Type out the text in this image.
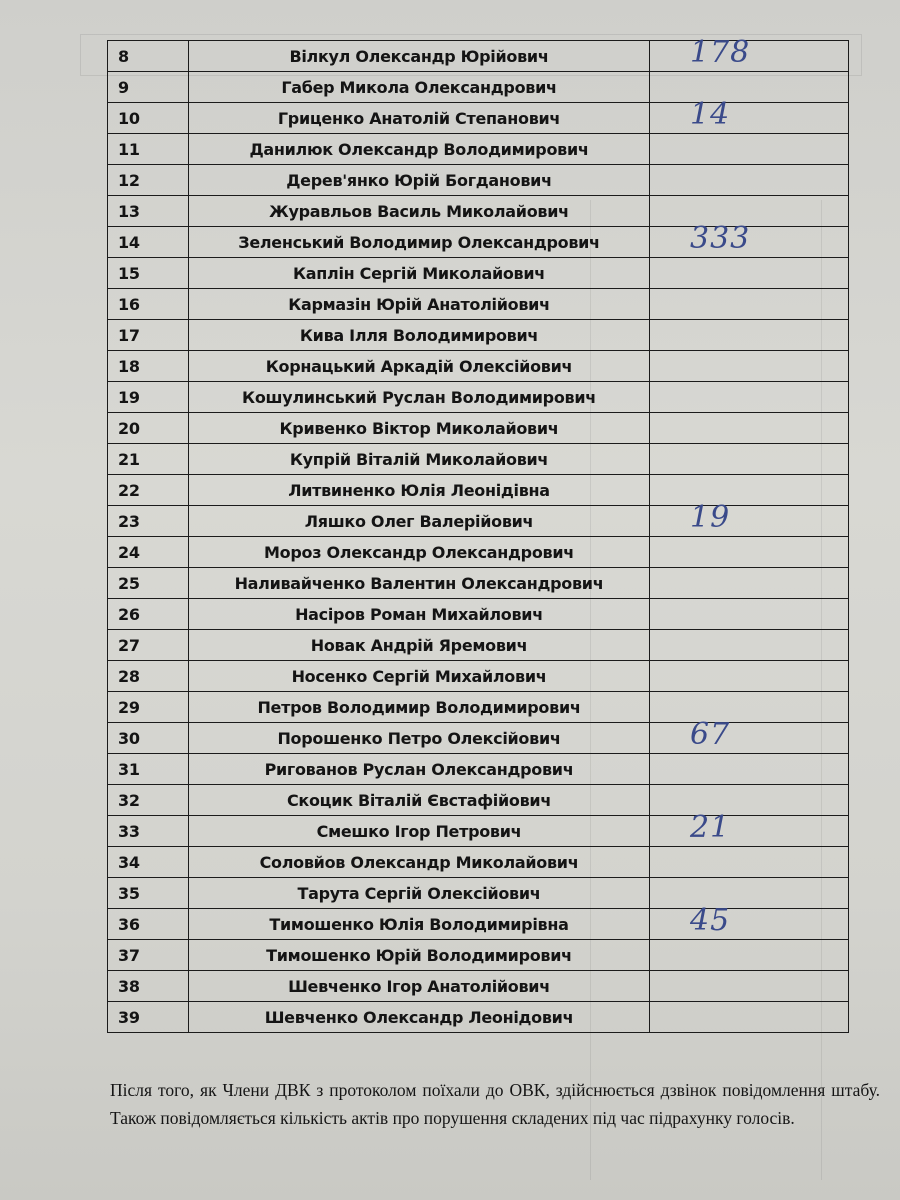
8	Вілкул Олександр Юрійович	178

9	Габер Микола Олександрович	
10	Гриценко Анатолій Степанович	14

11	Данилюк Олександр Володимирович	
12	Дерев'янко Юрій Богданович	
13	Журавльов Василь Миколайович	
14	Зеленський Володимир Олександрович	333

15	Каплін Сергій Миколайович	
16	Кармазін Юрій Анатолійович	
17	Кива Ілля Володимирович	
18	Корнацький Аркадій Олексійович	
19	Кошулинський Руслан Володимирович	
20	Кривенко Віктор Миколайович	
21	Купрій Віталій Миколайович	
22	Литвиненко Юлія Леонідівна	
23	Ляшко Олег Валерійович	19

24	Мороз Олександр Олександрович	
25	Наливайченко Валентин Олександрович	
26	Насіров Роман Михайлович	
27	Новак Андрій Яремович	
28	Носенко Сергій Михайлович	
29	Петров Володимир Володимирович	
30	Порошенко Петро Олексійович	67

31	Ригованов Руслан Олександрович	
32	Скоцик Віталій Євстафійович	
33	Смешко Ігор Петрович	21

34	Соловйов Олександр Миколайович	
35	Тарута Сергій Олексійович	
36	Тимошенко Юлія Володимирівна	45

37	Тимошенко Юрій Володимирович	
38	Шевченко Ігор Анатолійович	
39	Шевченко Олександр Леонідович	
Після того, як Члени ДВК з протоколом поїхали до ОВК, здійснюється дзвінок повідомлення штабу. Також повідомляється кількість актів про порушення складених під час підрахунку голосів.
